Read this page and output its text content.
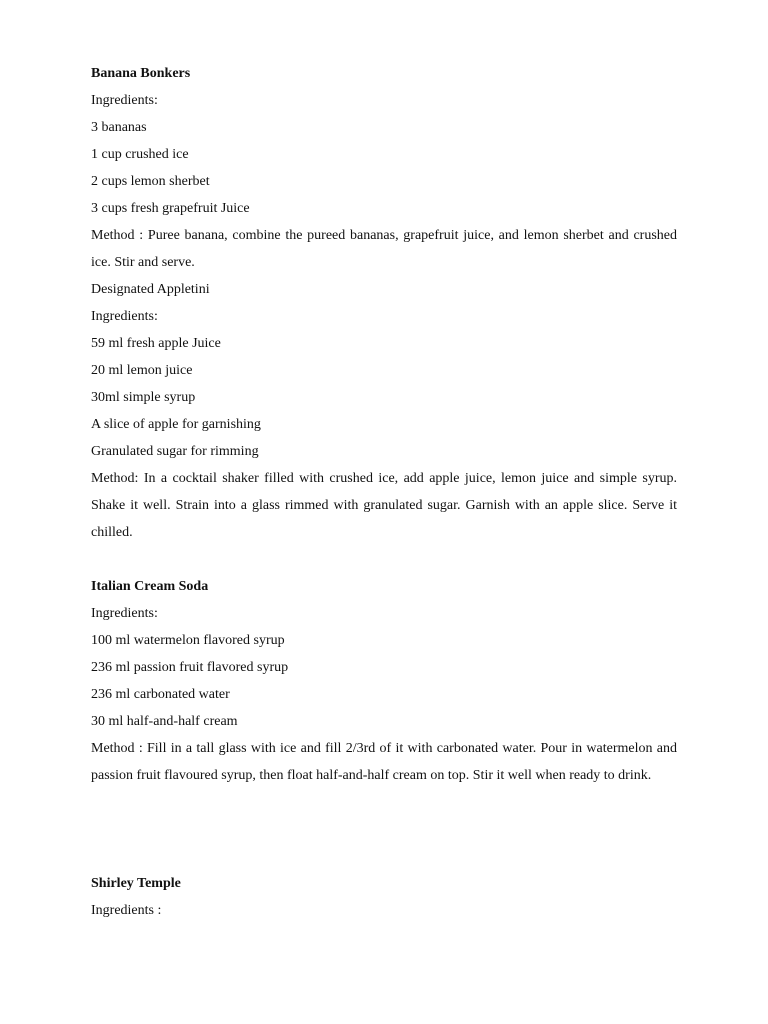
Banana Bonkers
Ingredients:
3 bananas
1 cup crushed ice
2 cups lemon sherbet
3 cups fresh grapefruit Juice
Method : Puree banana, combine the pureed bananas, grapefruit juice, and lemon sherbet and crushed ice. Stir and serve.
Designated Appletini
Ingredients:
59 ml fresh apple Juice
20 ml lemon juice
30ml simple syrup
A slice of apple for garnishing
Granulated sugar for rimming
Method: In a cocktail shaker filled with crushed ice, add apple juice, lemon juice and simple syrup. Shake it well. Strain into a glass rimmed with granulated sugar. Garnish with an apple slice. Serve it chilled.
Italian Cream Soda
Ingredients:
100 ml watermelon flavored syrup
236 ml passion fruit flavored syrup
236 ml carbonated water
30 ml half-and-half cream
Method : Fill in a tall glass with ice and fill 2/3rd of it with carbonated water. Pour in watermelon and passion fruit flavoured syrup, then float half-and-half cream on top. Stir it well when ready to drink.
Shirley Temple
Ingredients :
